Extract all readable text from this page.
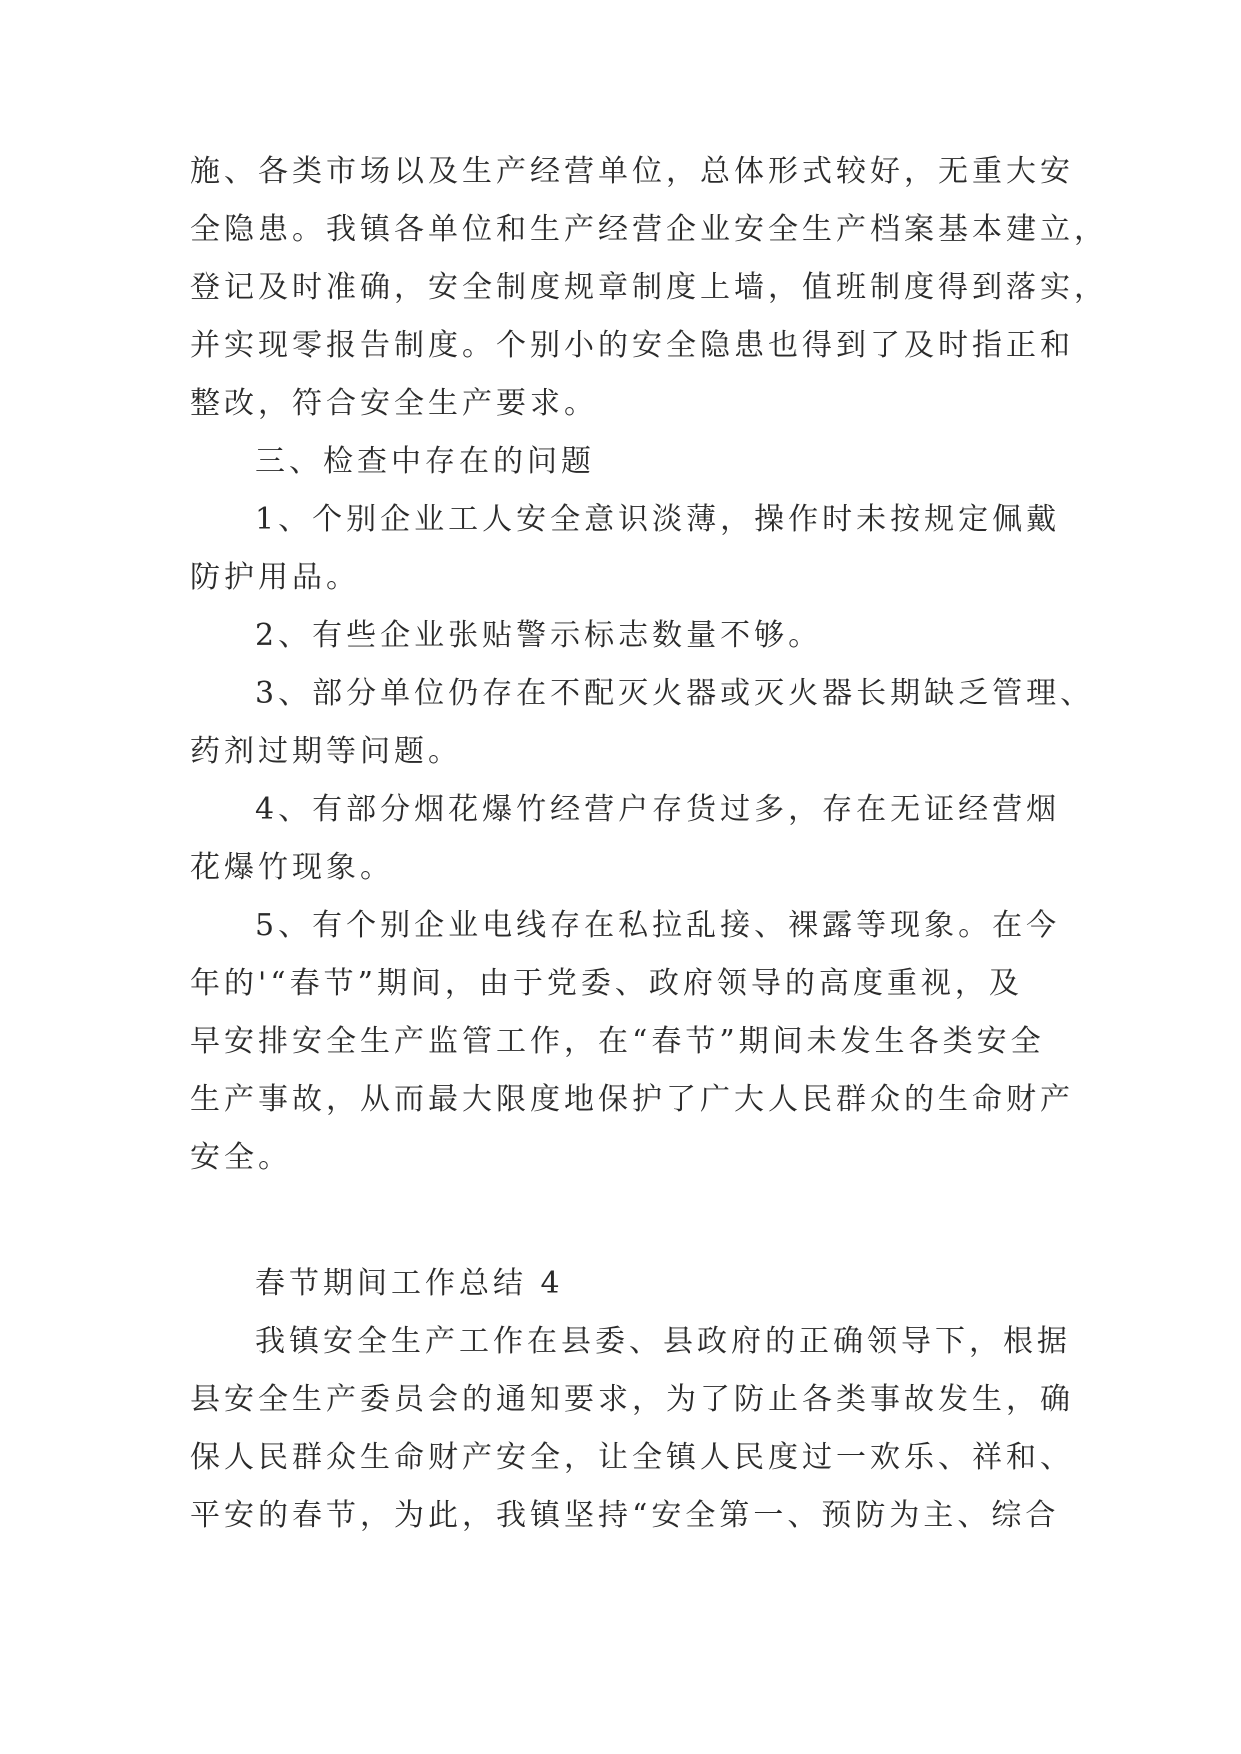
施、各类市场以及生产经营单位，总体形式较好，无重大安

全隐患。我镇各单位和生产经营企业安全生产档案基本建立，

登记及时准确，安全制度规章制度上墙，值班制度得到落实，

并实现零报告制度。个别小的安全隐患也得到了及时指正和

整改，符合安全生产要求。

三、检查中存在的问题

1、个别企业工人安全意识淡薄，操作时未按规定佩戴

防护用品。

2、有些企业张贴警示标志数量不够。

3、部分单位仍存在不配灭火器或灭火器长期缺乏管理、

药剂过期等问题。

4、有部分烟花爆竹经营户存货过多，存在无证经营烟

花爆竹现象。

5、有个别企业电线存在私拉乱接、裸露等现象。在今

年的'“春节”期间，由于党委、政府领导的高度重视，及

早安排安全生产监管工作，在“春节”期间未发生各类安全

生产事故，从而最大限度地保护了广大人民群众的生命财产

安全。

春节期间工作总结 4

我镇安全生产工作在县委、县政府的正确领导下，根据

县安全生产委员会的通知要求，为了防止各类事故发生，确

保人民群众生命财产安全，让全镇人民度过一欢乐、祥和、

平安的春节，为此，我镇坚持“安全第一、预防为主、综合
